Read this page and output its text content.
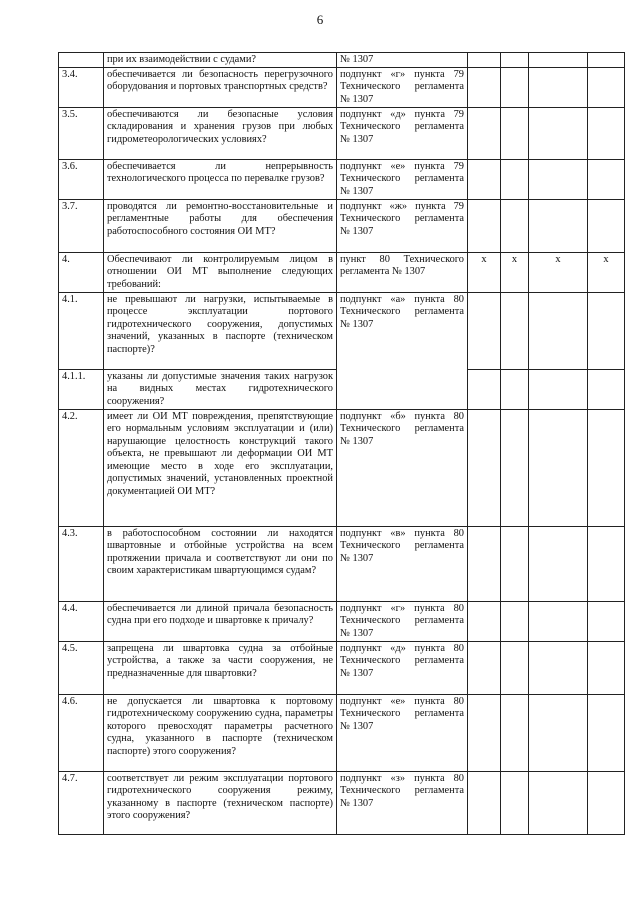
6
	при их взаимодействии с судами?	№ 1307				
3.4.	обеспечивается ли безопасность перегрузочного оборудования и портовых транспортных средств?	подпункт «г» пункта 79 Технического регламента № 1307				
3.5.	обеспечиваются ли безопасные условия складирования и хранения грузов при любых гидрометеорологических условиях?	подпункт «д» пункта 79 Технического регламента № 1307				
3.6.	обеспечивается ли непрерывность технологического процесса по перевалке грузов?	подпункт «е» пункта 79 Технического регламента № 1307				
3.7.	проводятся ли ремонтно-восстановительные и регламентные работы для обеспечения работоспособного состояния ОИ МТ?	подпункт «ж» пункта 79 Технического регламента № 1307				
4.	Обеспечивают ли контролируемым лицом в отношении ОИ МТ выполнение следующих требований:	пункт 80 Технического регламента № 1307	x	x	x	x
4.1.	не превышают ли нагрузки, испытываемые в процессе эксплуатации портового гидротехнического сооружения, допустимых значений, указанных в паспорте (техническом паспорте)?	подпункт «а» пункта 80 Технического регламента № 1307				
4.1.1.	указаны ли допустимые значения таких нагрузок на видных местах гидротехнического сооружения?					
4.2.	имеет ли ОИ МТ повреждения, препятствующие его нормальным условиям эксплуатации и (или) нарушающие целостность конструкций такого объекта, не превышают ли деформации ОИ МТ имеющие место в ходе его эксплуатации, допустимых значений, установленных проектной документацией ОИ МТ?	подпункт «б» пункта 80 Технического регламента № 1307				
4.3.	в работоспособном состоянии ли находятся швартовные и отбойные устройства на всем протяжении причала и соответствуют ли они по своим характеристикам швартующимся судам?	подпункт «в» пункта 80 Технического регламента № 1307				
4.4.	обеспечивается ли длиной причала безопасность судна при его подходе и швартовке к причалу?	подпункт «г» пункта 80 Технического регламента № 1307				
4.5.	запрещена ли швартовка судна за отбойные устройства, а также за части сооружения, не предназначенные для швартовки?	подпункт «д» пункта 80 Технического регламента № 1307				
4.6.	не допускается ли швартовка к портовому гидротехническому сооружению судна, параметры которого превосходят параметры расчетного судна, указанного в паспорте (техническом паспорте) этого сооружения?	подпункт «е» пункта 80 Технического регламента № 1307				
4.7.	соответствует ли режим эксплуатации портового гидротехнического сооружения режиму, указанному в паспорте (техническом паспорте) этого сооружения?	подпункт «з» пункта 80 Технического регламента № 1307				
